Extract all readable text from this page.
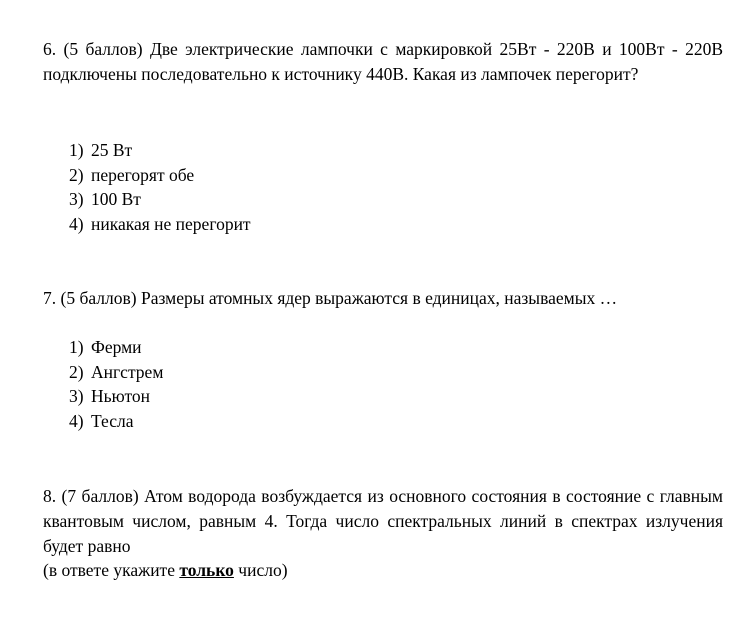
6. (5 баллов) Две электрические лампочки с маркировкой 25Вт - 220В и 100Вт - 220В подключены последовательно к источнику 440В. Какая из лампочек перегорит?

1) 25 Вт
2) перегорят обе
3) 100 Вт
4) никакая не перегорит

7. (5 баллов) Размеры атомных ядер выражаются в единицах, называемых …

1) Ферми
2) Ангстрем
3) Ньютон
4) Тесла

8. (7 баллов) Атом водорода возбуждается из основного состояния в состояние с главным квантовым числом, равным 4. Тогда число спектральных линий в спектрах излучения будет равно

(в ответе укажите только число)
